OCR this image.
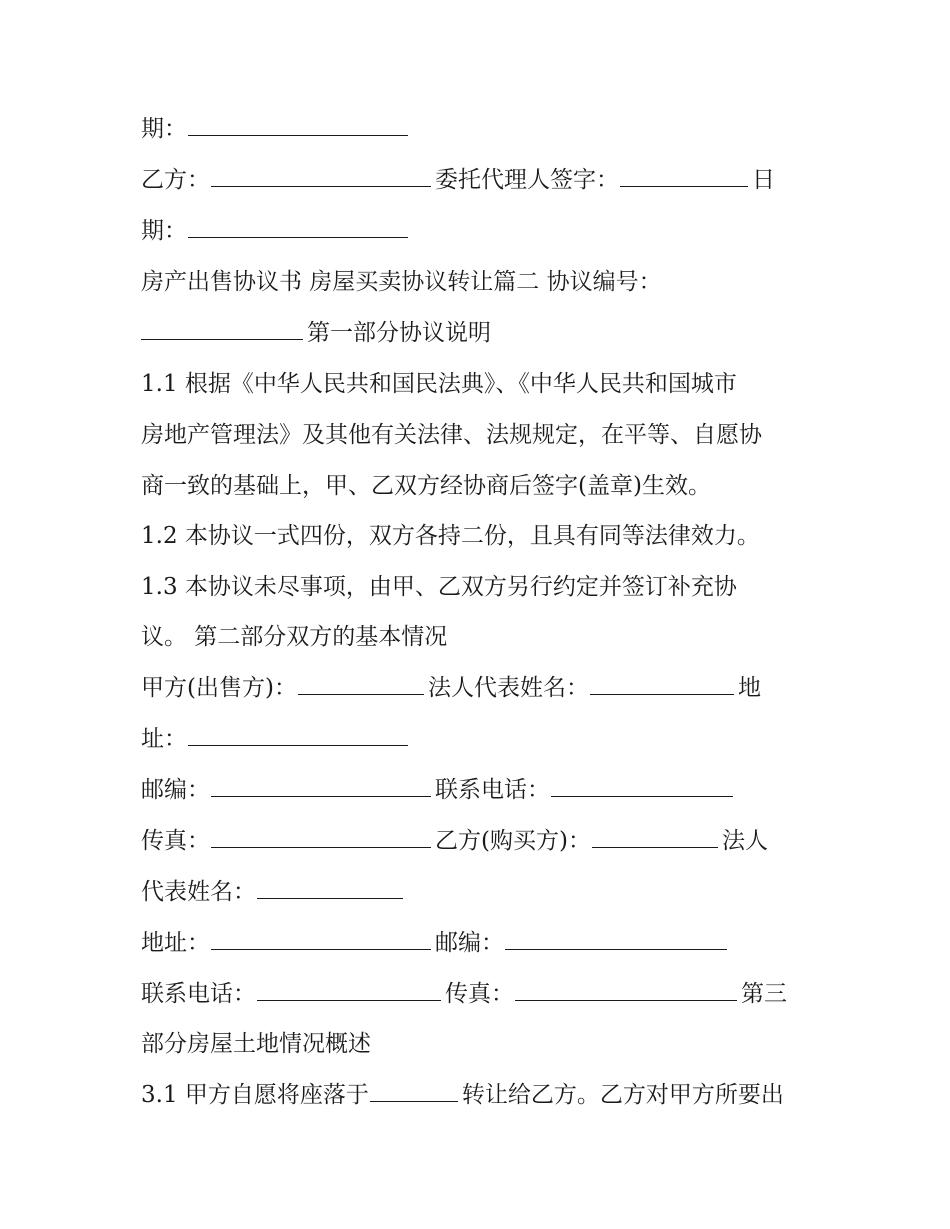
期：

乙方：	委托代理人签字：	日

期：

房产出售协议书 房屋买卖协议转让篇二 协议编号：

第一部分协议说明

1.1 根据《中华人民共和国民法典》、《中华人民共和国城市

房地产管理法》及其他有关法律、法规规定，在平等、自愿协

商一致的基础上，甲、乙双方经协商后签字(盖章)生效。

1.2 本协议一式四份，双方各持二份，且具有同等法律效力。

1.3 本协议未尽事项，由甲、乙双方另行约定并签订补充协

议。 第二部分双方的基本情况

甲方(出售方)：	法人代表姓名：	地

址：

邮编：	联系电话：

传真：	乙方(购买方)：	法人

代表姓名：

地址：	邮编：

联系电话：	传真：	第三

部分房屋土地情况概述

3.1 甲方自愿将座落于	转让给乙方。乙方对甲方所要出
